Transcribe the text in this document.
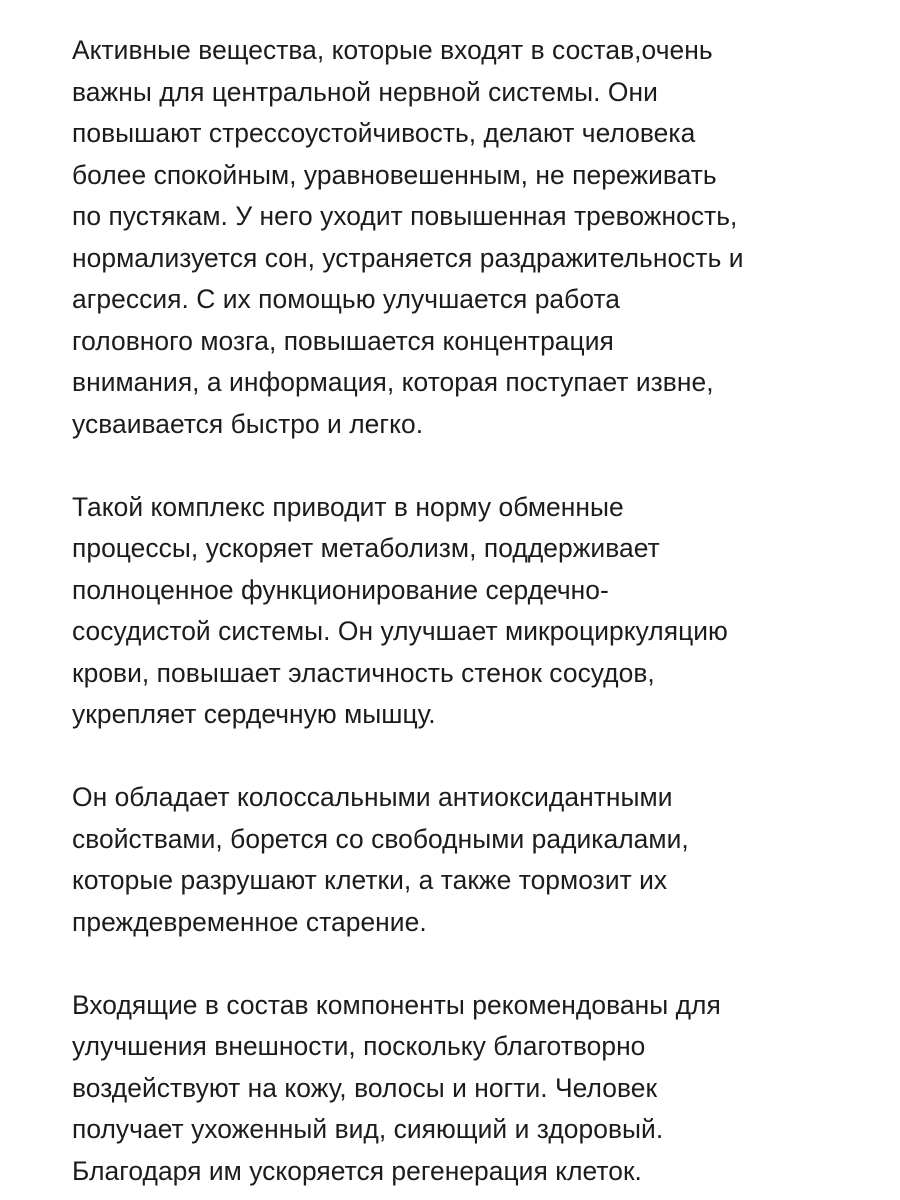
Активные вещества, которые входят в состав,очень
важны для центральной нервной системы. Они
повышают стрессоустойчивость, делают человека
более спокойным, уравновешенным, не переживать
по пустякам. У него уходит повышенная тревожность,
нормализуется сон, устраняется раздражительность и
агрессия. С их помощью улучшается работа
головного мозга, повышается концентрация
внимания, а информация, которая поступает извне,
усваивается быстро и легко.

Такой комплекс приводит в норму обменные
процессы, ускоряет метаболизм, поддерживает
полноценное функционирование сердечно-
сосудистой системы. Он улучшает микроциркуляцию
крови, повышает эластичность стенок сосудов,
укрепляет сердечную мышцу.

Он обладает колоссальными антиоксидантными
свойствами, борется со свободными радикалами,
которые разрушают клетки, а также тормозит их
преждевременное старение.

Входящие в состав компоненты рекомендованы для
улучшения внешности, поскольку благотворно
воздействуют на кожу, волосы и ногти. Человек
получает ухоженный вид, сияющий и здоровый.
Благодаря им ускоряется регенерация клеток.
